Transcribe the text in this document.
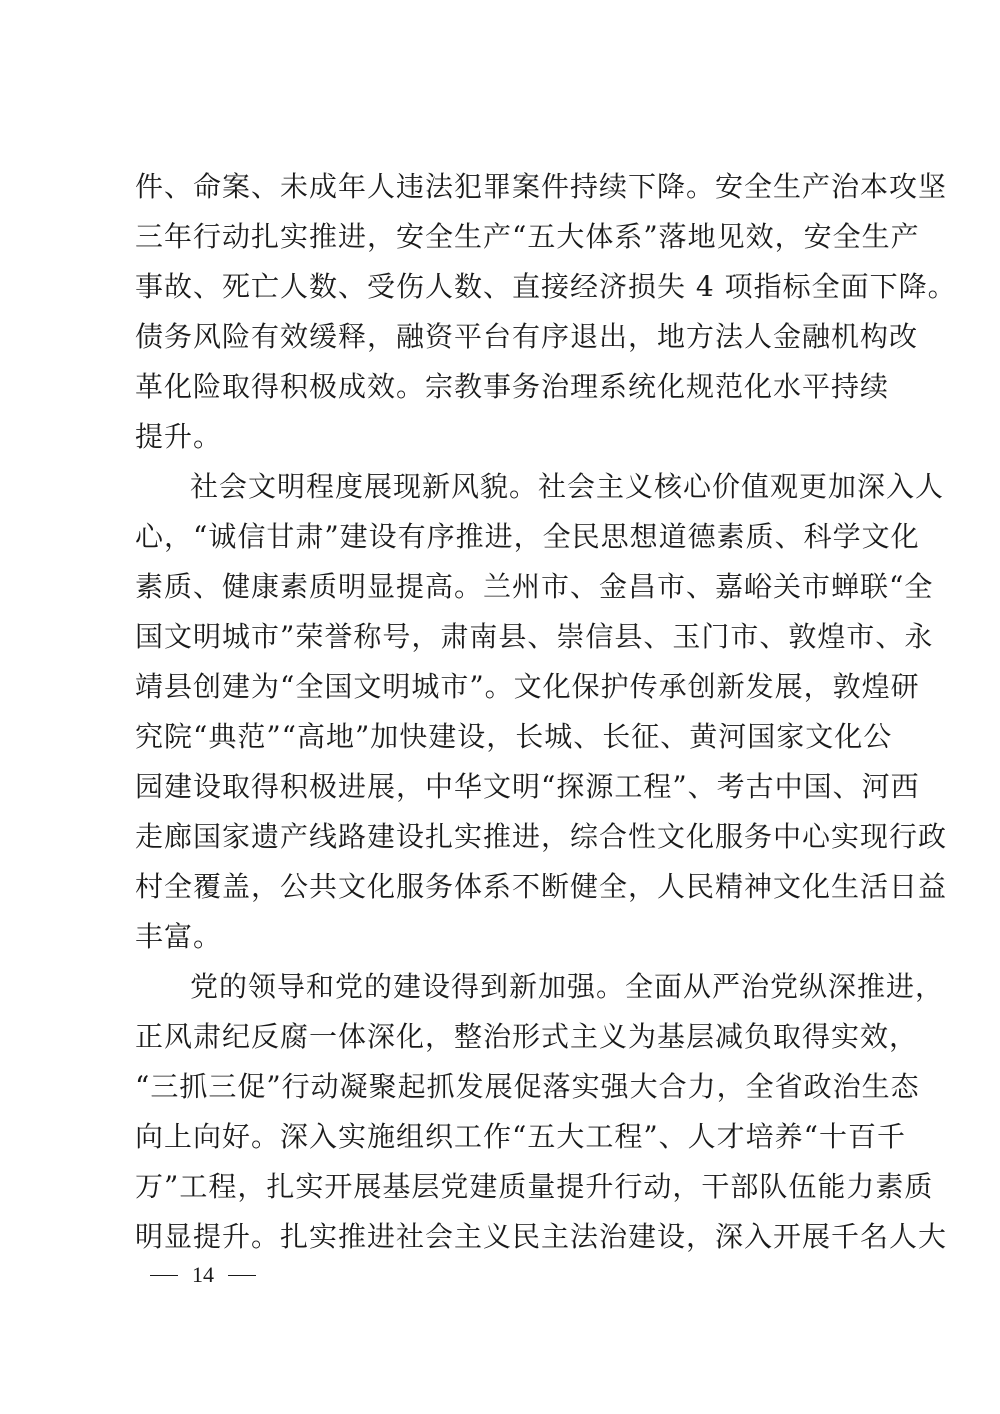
件、命案、未成年人违法犯罪案件持续下降。安全生产治本攻坚
三年行动扎实推进，安全生产“五大体系”落地见效，安全生产
事故、死亡人数、受伤人数、直接经济损失 4 项指标全面下降。
债务风险有效缓释，融资平台有序退出，地方法人金融机构改
革化险取得积极成效。宗教事务治理系统化规范化水平持续
提升。
社会文明程度展现新风貌。社会主义核心价值观更加深入人
心，“诚信甘肃”建设有序推进，全民思想道德素质、科学文化
素质、健康素质明显提高。兰州市、金昌市、嘉峪关市蝉联“全
国文明城市”荣誉称号，肃南县、崇信县、玉门市、敦煌市、永
靖县创建为“全国文明城市”。文化保护传承创新发展，敦煌研
究院“典范”“高地”加快建设，长城、长征、黄河国家文化公
园建设取得积极进展，中华文明“探源工程”、考古中国、河西
走廊国家遗产线路建设扎实推进，综合性文化服务中心实现行政
村全覆盖，公共文化服务体系不断健全，人民精神文化生活日益
丰富。
党的领导和党的建设得到新加强。全面从严治党纵深推进，
正风肃纪反腐一体深化，整治形式主义为基层减负取得实效，
“三抓三促”行动凝聚起抓发展促落实强大合力，全省政治生态
向上向好。深入实施组织工作“五大工程”、人才培养“十百千
万”工程，扎实开展基层党建质量提升行动，干部队伍能力素质
明显提升。扎实推进社会主义民主法治建设，深入开展千名人大
14
